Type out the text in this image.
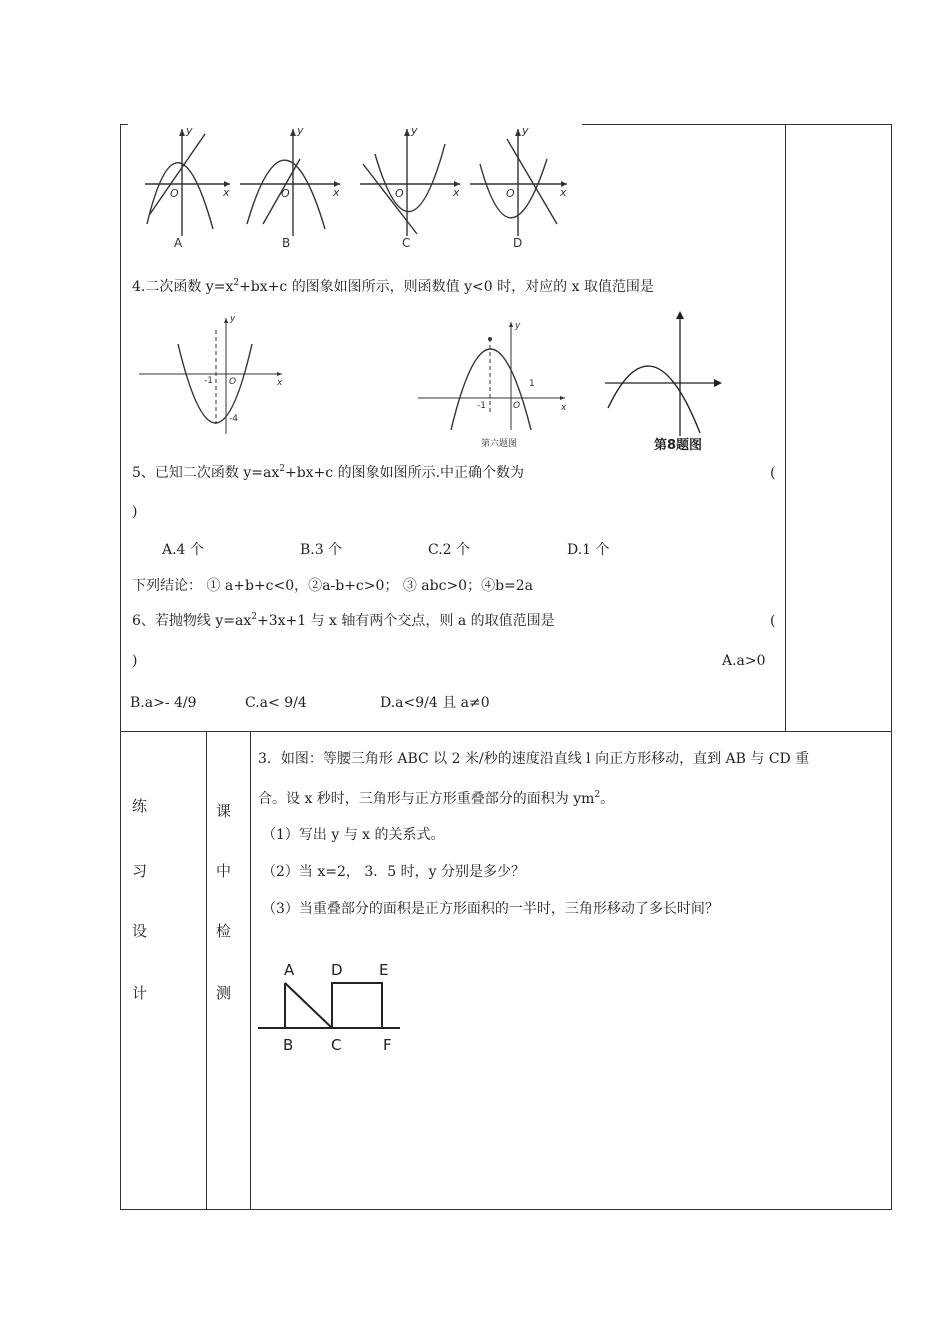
y
x
O
y
x
O
y
x
O
y
x
O
A	B	C	D
4.二次函数 $y=x^2+bx+c$ 的图象如图所示，则函数值 y<0 时，对应的 x 取值范围是
y
x
-1 O
-4
y
x
-1	O
1
第六题图	第8题图
5、已知二次函数 $y=ax^2+bx+c$ 的图象如图所示.中正确个数为	(
)
A.4 个	B.3 个	C.2 个	D.1 个
下列结论： ① a+b+c<0，②a-b+c>0； ③ abc>0；④b=2a
6、若抛物线 $y=ax^2+3x+1$ 与 x 轴有两个交点，则 a 的取值范围是	(
)	A.a>0
B.a>- 4/9	C.a< 9/4	D.a<9/4 且 a≠0
练
习
设
计
课
中
检
测
3．如图：等腰三角形 ABC 以 2 米/秒的速度沿直线 l 向正方形移动，直到 AB 与 CD 重
合。设 x 秒时，三角形与正方形重叠部分的面积为 $ym^2$。
（1）写出 y 与 x 的关系式。
（2）当 x=2， 3．5 时，y 分别是多少？
（3）当重叠部分的面积是正方形面积的一半时，三角形移动了多长时间？
A D E
B	C	F
